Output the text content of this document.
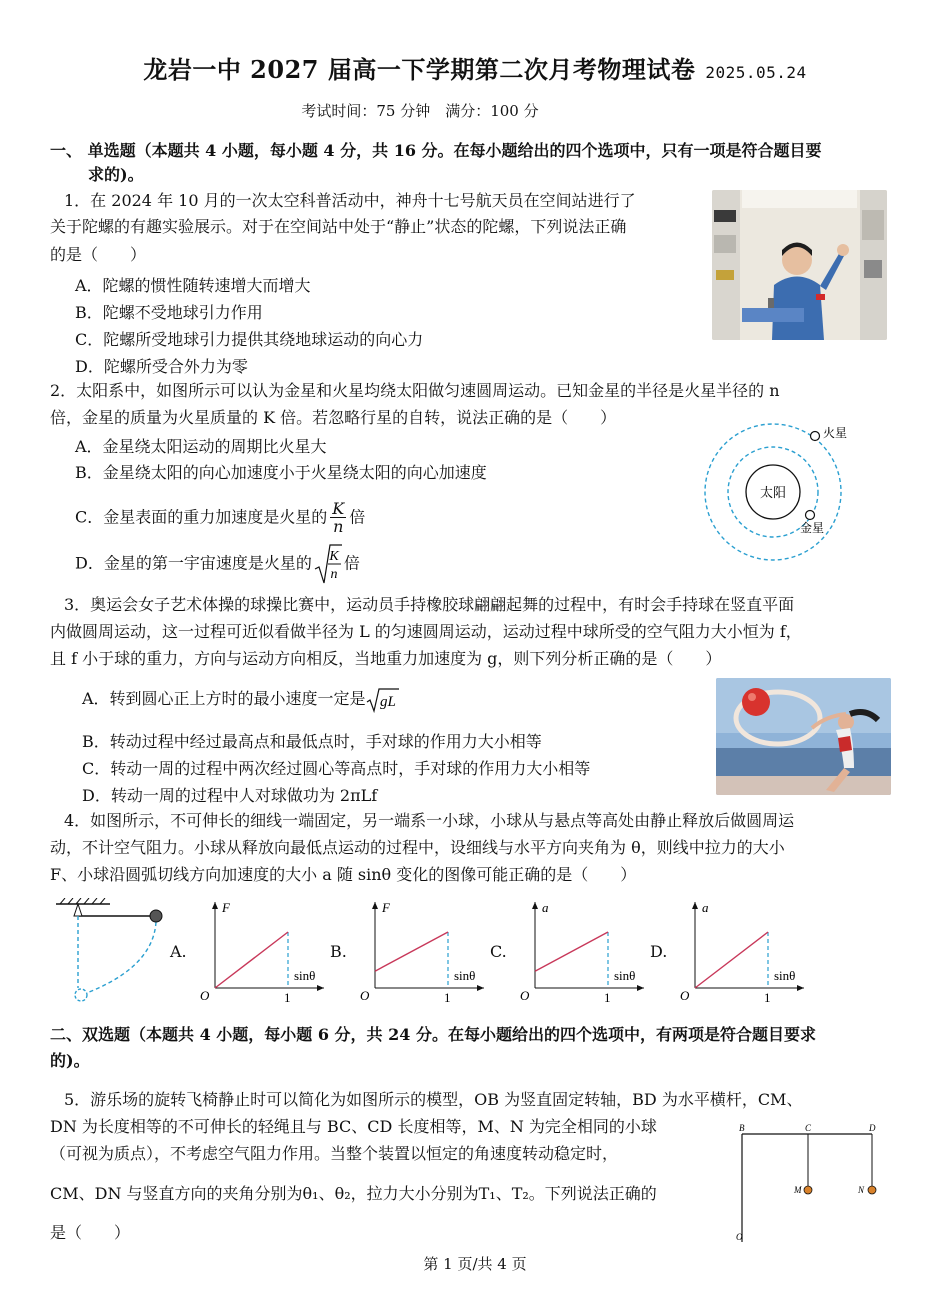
龙岩一中 2027 届高一下学期第二次月考物理试卷 2025.05.24
考试时间：75 分钟　满分：100 分
一、 单选题（本题共 4 小题，每小题 4 分，共 16 分。在每小题给出的四个选项中，只有一项是符合题目要
求的)。
1．在 2024 年 10 月的一次太空科普活动中，神舟十七号航天员在空间站进行了
关于陀螺的有趣实验展示。对于在空间站中处于“静止”状态的陀螺，下列说法正确
的是（　　）
A．陀螺的惯性随转速增大而增大
B．陀螺不受地球引力作用
C．陀螺所受地球引力提供其绕地球运动的向心力
D．陀螺所受合外力为零
2．太阳系中，如图所示可以认为金星和火星均绕太阳做匀速圆周运动。已知金星的半径是火星半径的 n
倍，金星的质量为火星质量的 K 倍。若忽略行星的自转，说法正确的是（　　）
A．金星绕太阳运动的周期比火星大
B．金星绕太阳的向心加速度小于火星绕太阳的向心加速度
C．金星表面的重力加速度是火星的 $\frac{K}{n}$ 倍
D．金星的第一宇宙速度是火星的 K
n
倍
太阳
火星
金星
3．奥运会女子艺术体操的球操比赛中，运动员手持橡胶球翩翩起舞的过程中，有时会手持球在竖直平面
内做圆周运动，这一过程可近似看做半径为 L 的匀速圆周运动，运动过程中球所受的空气阻力大小恒为 f，
且 f 小于球的重力，方向与运动方向相反，当地重力加速度为 g，则下列分析正确的是（　　）
A．转到圆心正上方时的最小速度一定是 gL
B．转动过程中经过最高点和最低点时，手对球的作用力大小相等
C．转动一周的过程中两次经过圆心等高点时，手对球的作用力大小相等
D．转动一周的过程中人对球做功为 2πLf
4．如图所示，不可伸长的细线一端固定，另一端系一小球，小球从与悬点等高处由静止释放后做圆周运
动，不计空气阻力。小球从释放向最低点运动的过程中，设细线与水平方向夹角为 θ，则线中拉力的大小
F、小球沿圆弧切线方向加速度的大小 a 随 sinθ 变化的图像可能正确的是（　　）
A.
F
sinθ
O	1
B.
F
sinθ
O	1
C.
a
sinθ
O	1
D.
a
sinθ
O	1
二、双选题（本题共 4 小题，每小题 6 分，共 24 分。在每小题给出的四个选项中，有两项是符合题目要求
的)。
5．游乐场的旋转飞椅静止时可以简化为如图所示的模型，OB 为竖直固定转轴，BD 为水平横杆，CM、
DN 为长度相等的不可伸长的轻绳且与 BC、CD 长度相等，M、N 为完全相同的小球
（可视为质点），不考虑空气阻力作用。当整个装置以恒定的角速度转动稳定时，
CM、DN 与竖直方向的夹角分别为θ₁、θ₂，拉力大小分别为T₁、T₂。下列说法正确的
是（　　）
B	C	D
M	N
O
第 1 页/共 4 页
